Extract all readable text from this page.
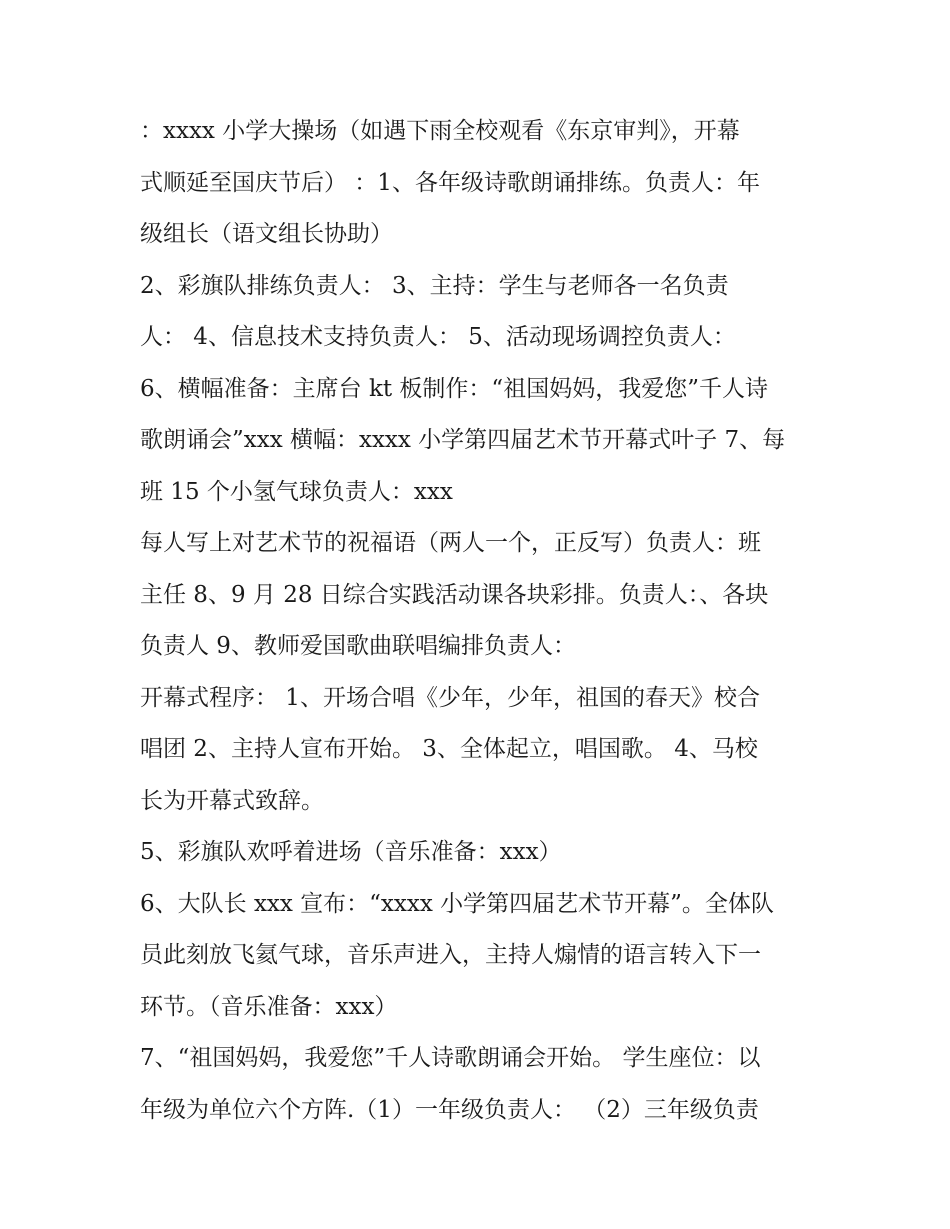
：xxxx 小学大操场（如遇下雨全校观看《东京审判》，开幕
式顺延至国庆节后） ：1、各年级诗歌朗诵排练。负责人：年
级组长（语文组长协助）
2、彩旗队排练负责人： 3、主持：学生与老师各一名负责
人： 4、信息技术支持负责人： 5、活动现场调控负责人：
6、横幅准备：主席台 kt 板制作：“祖国妈妈，我爱您”千人诗
歌朗诵会”xxx 横幅：xxxx 小学第四届艺术节开幕式叶子 7、每
班 15 个小氢气球负责人：xxx
每人写上对艺术节的祝福语（两人一个，正反写）负责人：班
主任 8、9 月 28 日综合实践活动课各块彩排。负责人：、各块
负责人 9、教师爱国歌曲联唱编排负责人：
开幕式程序： 1、开场合唱《少年，少年，祖国的春天》校合
唱团 2、主持人宣布开始。 3、全体起立，唱国歌。 4、马校
长为开幕式致辞。
5、彩旗队欢呼着进场（音乐准备：xxx）
6、大队长 xxx 宣布：“xxxx 小学第四届艺术节开幕”。全体队
员此刻放飞氦气球，音乐声进入，主持人煽情的语言转入下一
环节。（音乐准备：xxx）
7、“祖国妈妈，我爱您”千人诗歌朗诵会开始。 学生座位：以
年级为单位六个方阵.（1）一年级负责人： （2）三年级负责
